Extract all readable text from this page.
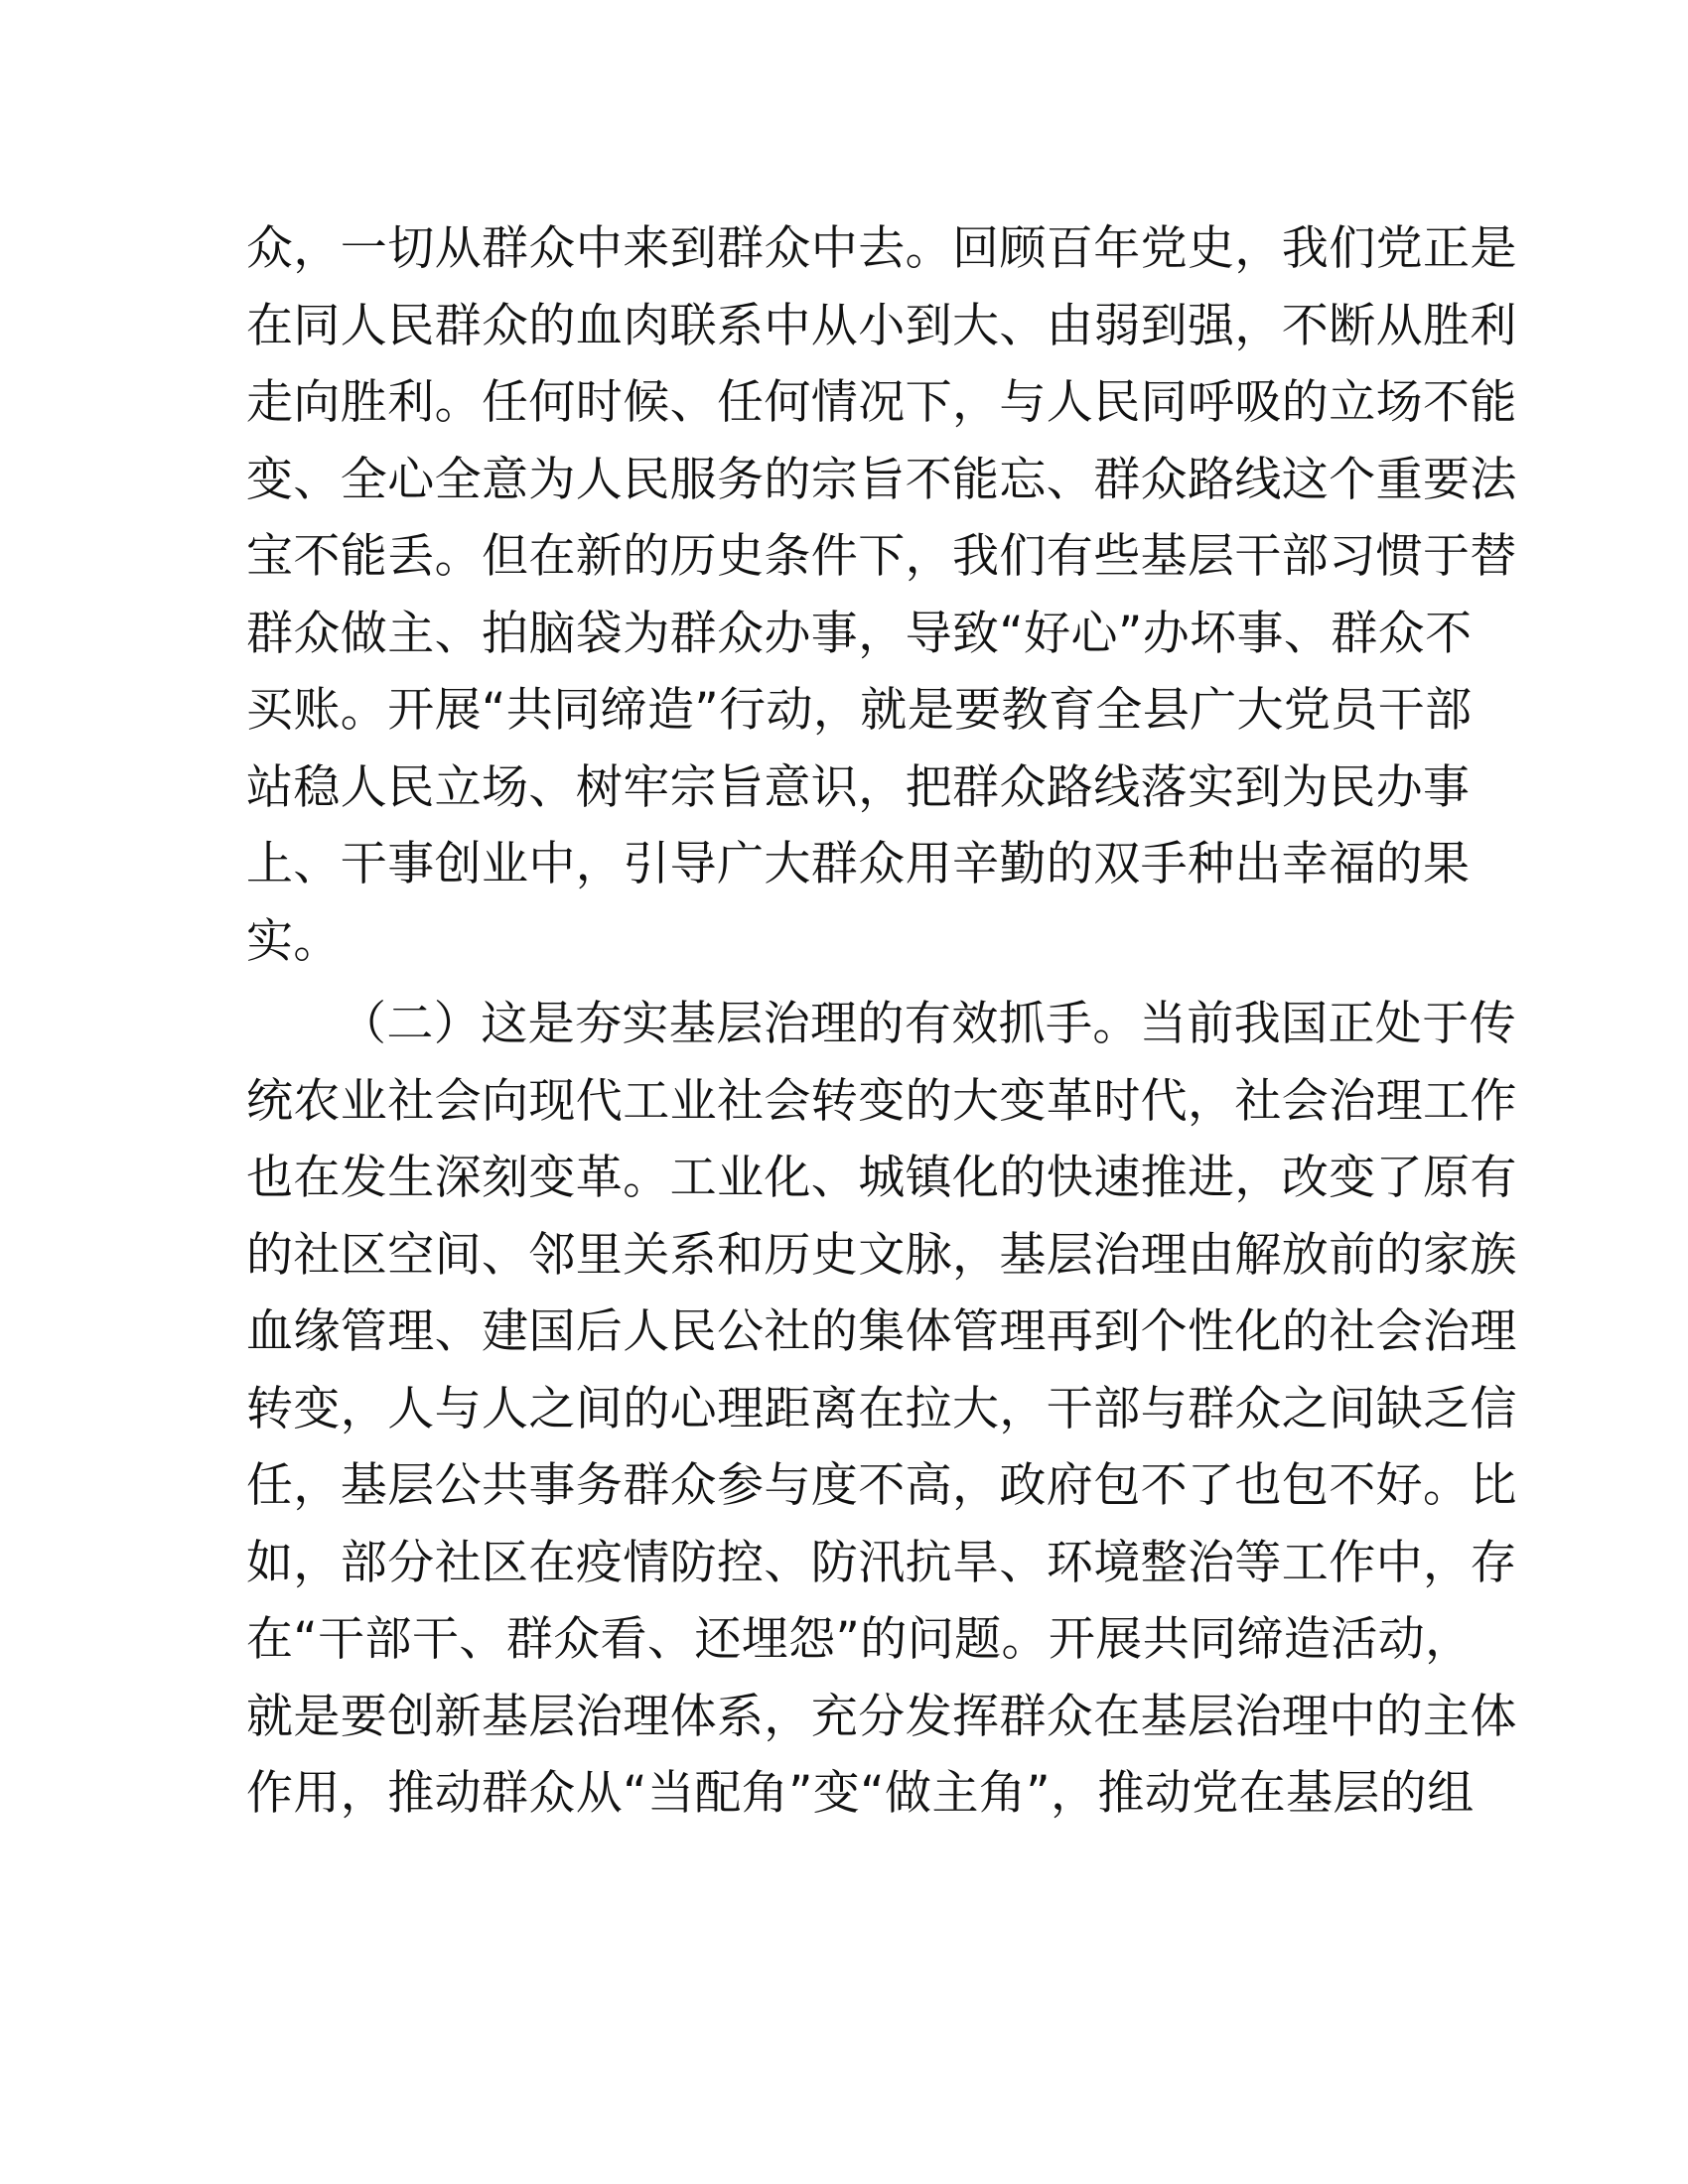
众，一切从群众中来到群众中去。回顾百年党史，我们党正是
在同人民群众的血肉联系中从小到大、由弱到强，不断从胜利
走向胜利。任何时候、任何情况下，与人民同呼吸的立场不能
变、全心全意为人民服务的宗旨不能忘、群众路线这个重要法
宝不能丢。但在新的历史条件下，我们有些基层干部习惯于替
群众做主、拍脑袋为群众办事，导致“好心”办坏事、群众不
买账。开展“共同缔造”行动，就是要教育全县广大党员干部
站稳人民立场、树牢宗旨意识，把群众路线落实到为民办事
上、干事创业中，引导广大群众用辛勤的双手种出幸福的果
实。
（二）这是夯实基层治理的有效抓手。当前我国正处于传
统农业社会向现代工业社会转变的大变革时代，社会治理工作
也在发生深刻变革。工业化、城镇化的快速推进，改变了原有
的社区空间、邻里关系和历史文脉，基层治理由解放前的家族
血缘管理、建国后人民公社的集体管理再到个性化的社会治理
转变，人与人之间的心理距离在拉大，干部与群众之间缺乏信
任，基层公共事务群众参与度不高，政府包不了也包不好。比
如，部分社区在疫情防控、防汛抗旱、环境整治等工作中，存
在“干部干、群众看、还埋怨”的问题。开展共同缔造活动，
就是要创新基层治理体系，充分发挥群众在基层治理中的主体
作用，推动群众从“当配角”变“做主角”，推动党在基层的组
